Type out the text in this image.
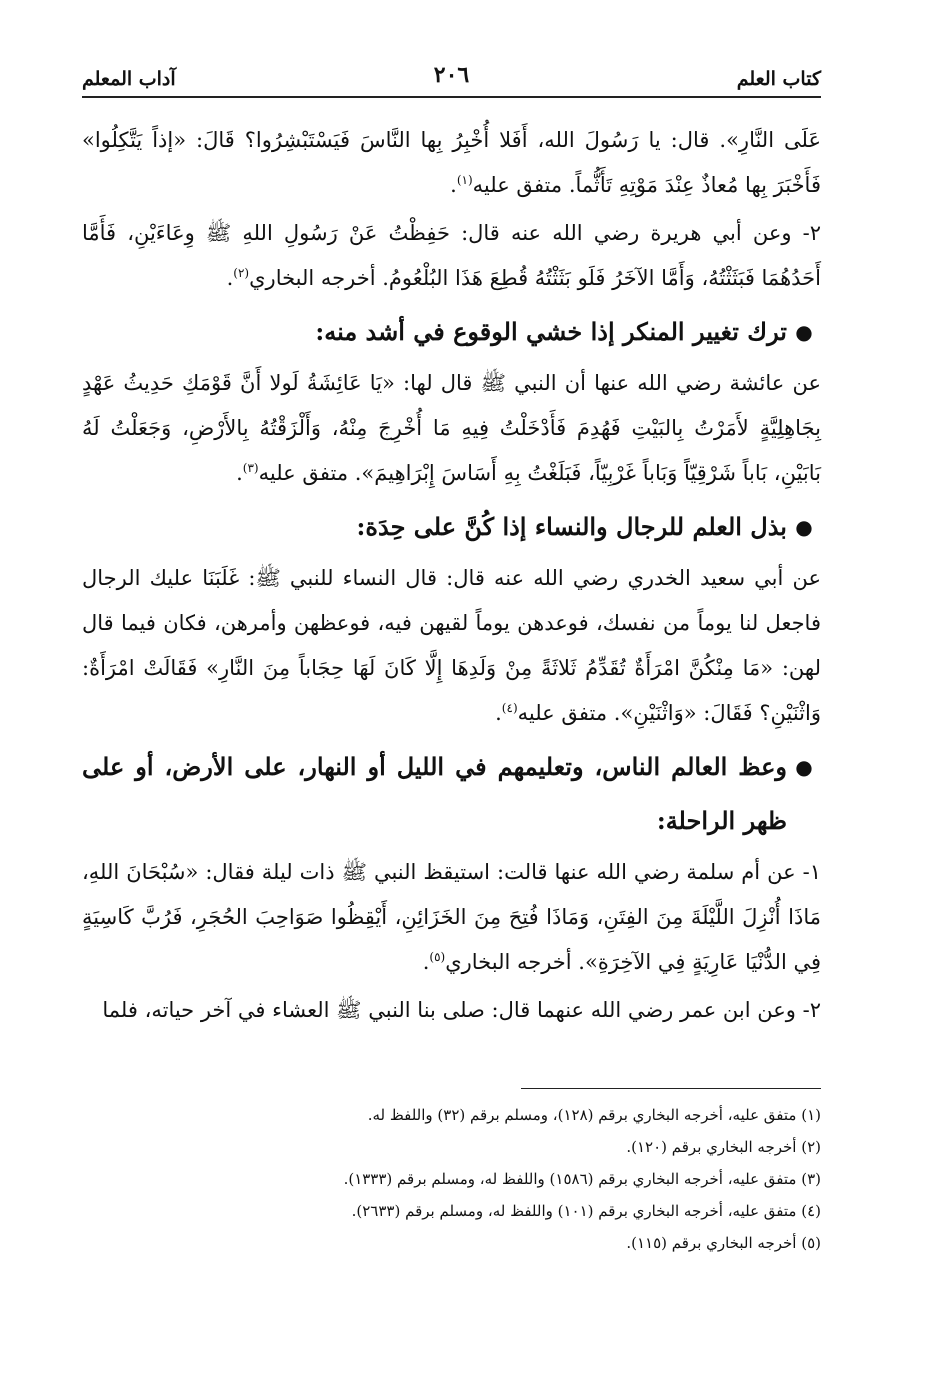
كتاب العلم
٢٠٦
آداب المعلم

عَلَى النَّارِ». قال: يا رَسُولَ الله، أَفَلا أُخْبِرُ بِها النَّاسَ فَيَسْتَبْشِرُوا؟ قَالَ: «إذاً يَتَّكِلُوا» فَأَخْبَرَ بِها مُعاذٌ عِنْدَ مَوْتِهِ تَأَثُّماً. متفق عليه$^{(١)}$.

٢- وعن أبي هريرة رضي الله عنه قال: حَفِظْتُ عَنْ رَسُولِ اللهِ ﷺ وِعَاءَيْنِ، فَأَمَّا أَحَدُهُمَا فَبَثَثْتُهُ، وَأَمَّا الآخَرُ فَلَو بَثَثْتُهُ قُطِعَ هَذَا البُلْعُومُ. أخرجه البخاري$^{(٢)}$.

●
ترك تغيير المنكر إذا خشي الوقوع في أشد منه:

عن عائشة رضي الله عنها أن النبي ﷺ قال لها: «يَا عَائِشَةُ لَولا أَنَّ قَوْمَكِ حَدِيثُ عَهْدٍ بِجَاهِلِيَّةٍ لأَمَرْتُ بِالبَيْتِ فَهُدِمَ فَأَدْخَلْتُ فِيهِ مَا أُخْرِجَ مِنْهُ، وَأَلْزَقْتُهُ بِالأَرْضِ، وَجَعَلْتُ لَهُ بَابَيْنِ، بَاباً شَرْقِيّاً وَبَاباً غَرْبِيّاً، فَبَلَغْتُ بِهِ أَسَاسَ إِبْرَاهِيمَ». متفق عليه$^{(٣)}$.

●
بذل العلم للرجال والنساء إذا كُنَّ على حِدَة:

عن أبي سعيد الخدري رضي الله عنه قال: قال النساء للنبي ﷺ: غَلَبَنَا عليك الرجال فاجعل لنا يوماً من نفسك، فوعدهن يوماً لقيهن فيه، فوعظهن وأمرهن، فكان فيما قال لهن: «مَا مِنْكُنَّ امْرَأَةٌ تُقَدِّمُ ثَلاثَةً مِنْ وَلَدِهَا إِلَّا كَانَ لَهَا حِجَاباً مِنَ النَّارِ» فَقَالَتْ امْرَأَةٌ: وَاثْنَيْنِ؟ فَقَالَ: «وَاثْنَيْنِ». متفق عليه$^{(٤)}$.

●
وعظ العالم الناس، وتعليمهم في الليل أو النهار، على الأرض، أو على ظهر الراحلة:

١- عن أم سلمة رضي الله عنها قالت: استيقظ النبي ﷺ ذات ليلة فقال: «سُبْحَانَ اللهِ، مَاذَا أُنْزِلَ اللَّيْلَةَ مِنَ الفِتَنِ، وَمَاذَا فُتِحَ مِنَ الخَزَائِنِ، أَيْقِظُوا صَوَاحِبَ الحُجَرِ، فَرُبَّ كَاسِيَةٍ فِي الدُّنْيَا عَارِيَةٍ فِي الآخِرَةِ». أخرجه البخاري$^{(٥)}$.

٢- وعن ابن عمر رضي الله عنهما قال: صلى بنا النبي ﷺ العشاء في آخر حياته، فلما

(١) متفق عليه، أخرجه البخاري برقم (١٢٨)، ومسلم برقم (٣٢) واللفظ له.

(٢) أخرجه البخاري برقم (١٢٠).

(٣) متفق عليه، أخرجه البخاري برقم (١٥٨٦) واللفظ له، ومسلم برقم (١٣٣٣).

(٤) متفق عليه، أخرجه البخاري برقم (١٠١) واللفظ له، ومسلم برقم (٢٦٣٣).

(٥) أخرجه البخاري برقم (١١٥).
